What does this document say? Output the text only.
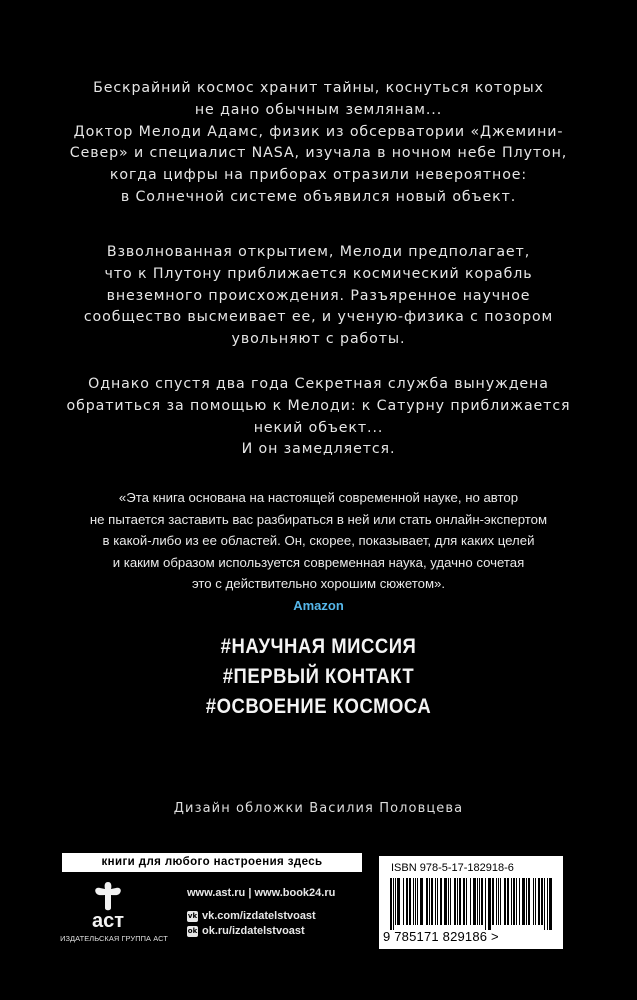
Бескрайний космос хранит тайны, коснуться которых
не дано обычным землянам...
Доктор Мелоди Адамс, физик из обсерватории «Джемини-
Север» и специалист NASA, изучала в ночном небе Плутон,
когда цифры на приборах отразили невероятное:
в Солнечной системе объявился новый объект.
Взволнованная открытием, Мелоди предполагает,
что к Плутону приближается космический корабль
внеземного происхождения. Разъяренное научное
сообщество высмеивает ее, и ученую-физика с позором
увольняют с работы.
Однако спустя два года Секретная служба вынуждена
обратиться за помощью к Мелоди: к Сатурну приближается
некий объект...
И он замедляется.
«Эта книга основана на настоящей современной науке, но автор
не пытается заставить вас разбираться в ней или стать онлайн-экспертом
в какой-либо из ее областей. Он, скорее, показывает, для каких целей
и каким образом используется современная наука, удачно сочетая
это с действительно хорошим сюжетом».
Amazon
#НАУЧНАЯ МИССИЯ
#ПЕРВЫЙ КОНТАКТ
#ОСВОЕНИЕ КОСМОСА
Дизайн обложки Василия Половцева
книги для любого настроения здесь
аст
ИЗДАТЕЛЬСКАЯ ГРУППА АСТ
www.ast.ru | www.book24.ru
vk vk.com/izdatelstvoast
ok ok.ru/izdatelstvoast
ISBN 978-5-17-182918-6
9 785171 829186 >
